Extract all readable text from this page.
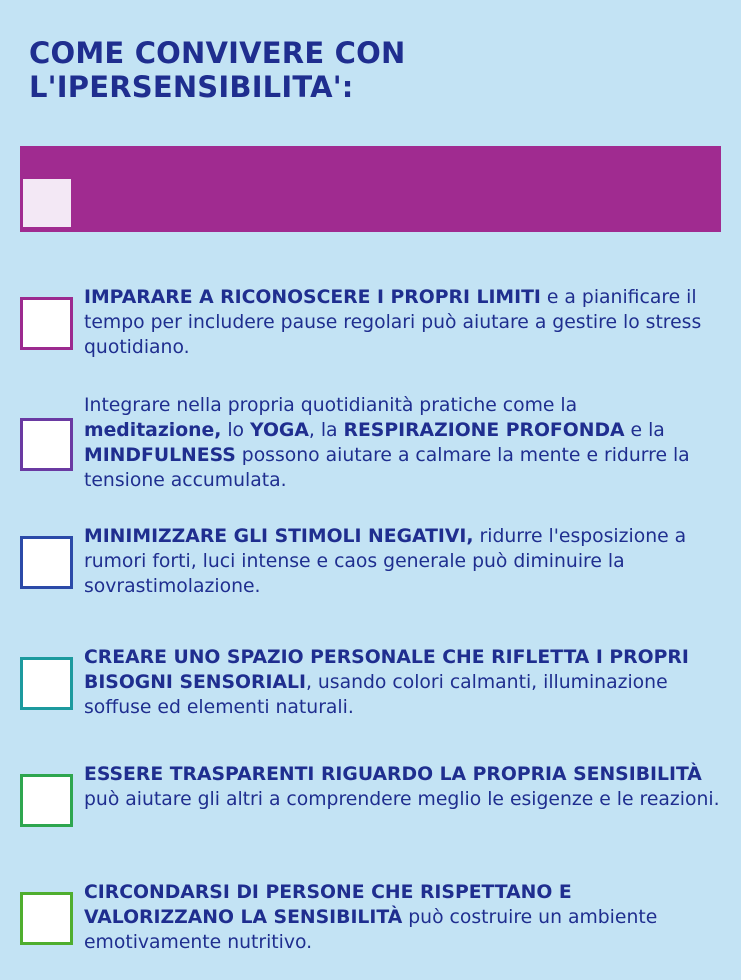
COME CONVIVERE CON
L'IPERSENSIBILITA':

IMPARARE A RICONOSCERE I PROPRI LIMITI e a pianificare il tempo per includere pause regolari può aiutare a gestire lo stress quotidiano.

Integrare nella propria quotidianità pratiche come la meditazione, lo YOGA, la RESPIRAZIONE PROFONDA e la MINDFULNESS possono aiutare a calmare la mente e ridurre la tensione accumulata.

MINIMIZZARE GLI STIMOLI NEGATIVI, ridurre l'esposizione a rumori forti, luci intense e caos generale può diminuire la sovrastimolazione.

CREARE UNO SPAZIO PERSONALE CHE RIFLETTA I PROPRI BISOGNI SENSORIALI, usando colori calmanti, illuminazione soffuse ed elementi naturali.

ESSERE TRASPARENTI RIGUARDO LA PROPRIA SENSIBILITÀ può aiutare gli altri a comprendere meglio le esigenze e le reazioni.

CIRCONDARSI DI PERSONE CHE RISPETTANO E VALORIZZANO LA SENSIBILITÀ può costruire un ambiente emotivamente nutritivo.
